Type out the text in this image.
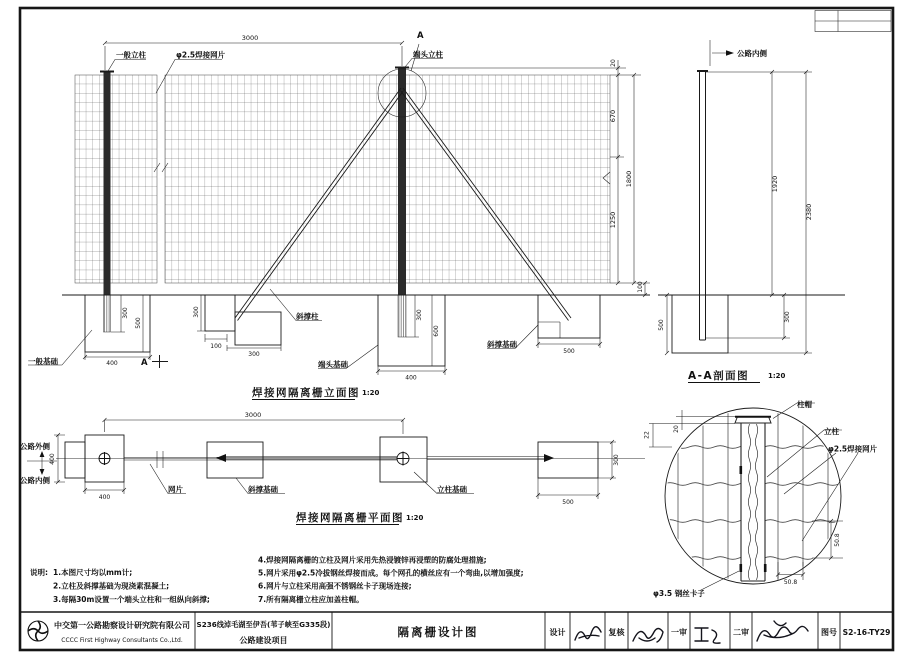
A
3000
一般立柱	φ2.5焊接网片	端头立柱
20
670
1800
1250
100
300
500
400
一般基础	A
300
100
300
斜撑柱	300
600
400
端头基础
500
斜撑基础
焊接网隔离栅立面图 1:20
公路内侧
500
300
1920
2380
A-A剖面图	1:20
公路外侧
公路内侧
3000
400
400
500
300
网片	斜撑基础	立柱基础
焊接网隔离栅平面图 1:20
20
22
50.8
50.8
柱帽
立柱
φ2.5焊接网片
φ3.5 钢丝卡子
说明: 1.本图尺寸均以mm计;
2.立柱及斜撑基础为现浇素混凝土;
3.每隔30m设置一个端头立柱和一组纵向斜撑;
4.焊接网隔离栅的立柱及网片采用先热浸镀锌再浸塑的防腐处理措施;
5.网片采用φ2.5冷拔钢丝焊接而成。每个网孔的横丝应有一个弯曲,以增加强度;
6.网片与立柱采用高强不锈钢丝卡子现场连接;
7.所有隔离栅立柱应加盖柱帽。
中交第一公路勘察设计研究院有限公司
CCCC First Highway Consultants Co.,Ltd.
S236线淖毛湖至伊吾(苇子峡至G335段)
公路建设项目
隔离栅设计图	设计	复核	一审	二审	图号 S2-16-TY29
